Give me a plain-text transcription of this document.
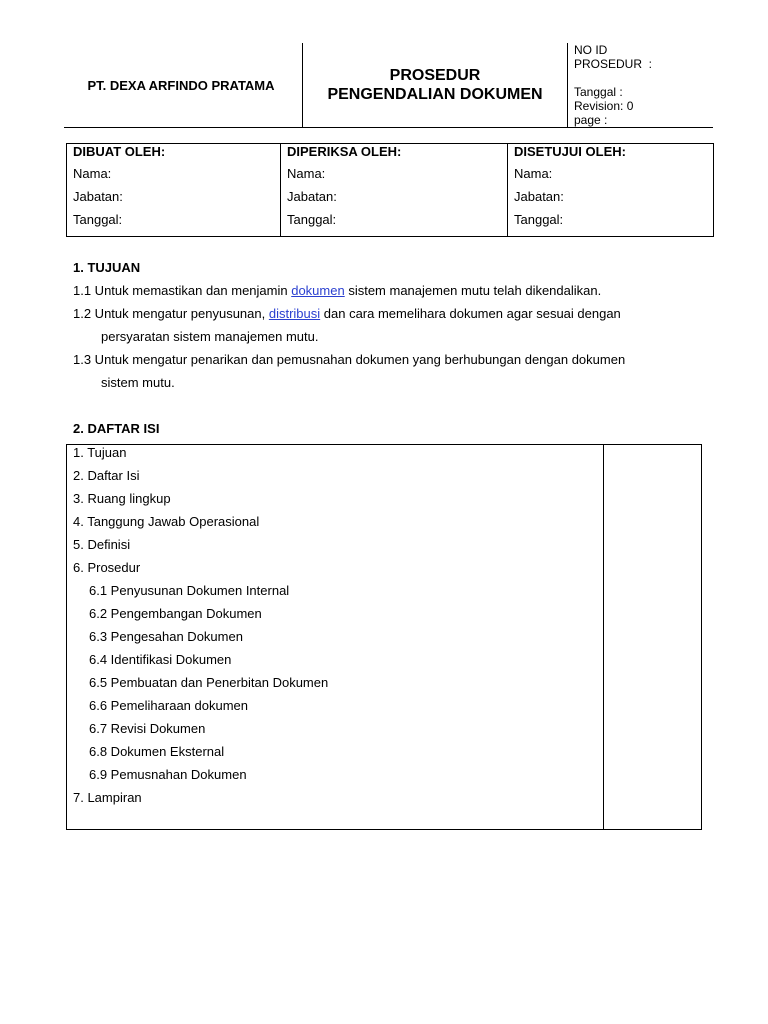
PT. DEXA ARFINDO PRATAMA
PROSEDUR
PENGENDALIAN DOKUMEN
NO ID
PROSEDUR  :
Tanggal :
Revision: 0
page :
DIBUAT OLEH:
Nama:
Jabatan:
Tanggal:

DIPERIKSA OLEH:
Nama:
Jabatan:
Tanggal:

DISETUJUI OLEH:
Nama:
Jabatan:
Tanggal:
1. TUJUAN
1.1 Untuk memastikan dan menjamin dokumen sistem manajemen mutu telah dikendalikan.
1.2 Untuk mengatur penyusunan, distribusi dan cara memelihara dokumen agar sesuai dengan
persyaratan sistem manajemen mutu.
1.3 Untuk mengatur penarikan dan pemusnahan dokumen yang berhubungan dengan dokumen
sistem mutu.
2. DAFTAR ISI
1. Tujuan
2. Daftar Isi
3. Ruang lingkup
4. Tanggung Jawab Operasional
5. Definisi
6. Prosedur
6.1 Penyusunan Dokumen Internal
6.2 Pengembangan Dokumen
6.3 Pengesahan Dokumen
6.4 Identifikasi Dokumen
6.5 Pembuatan dan Penerbitan Dokumen
6.6 Pemeliharaan dokumen
6.7 Revisi Dokumen
6.8 Dokumen Eksternal
6.9 Pemusnahan Dokumen
7. Lampiran
